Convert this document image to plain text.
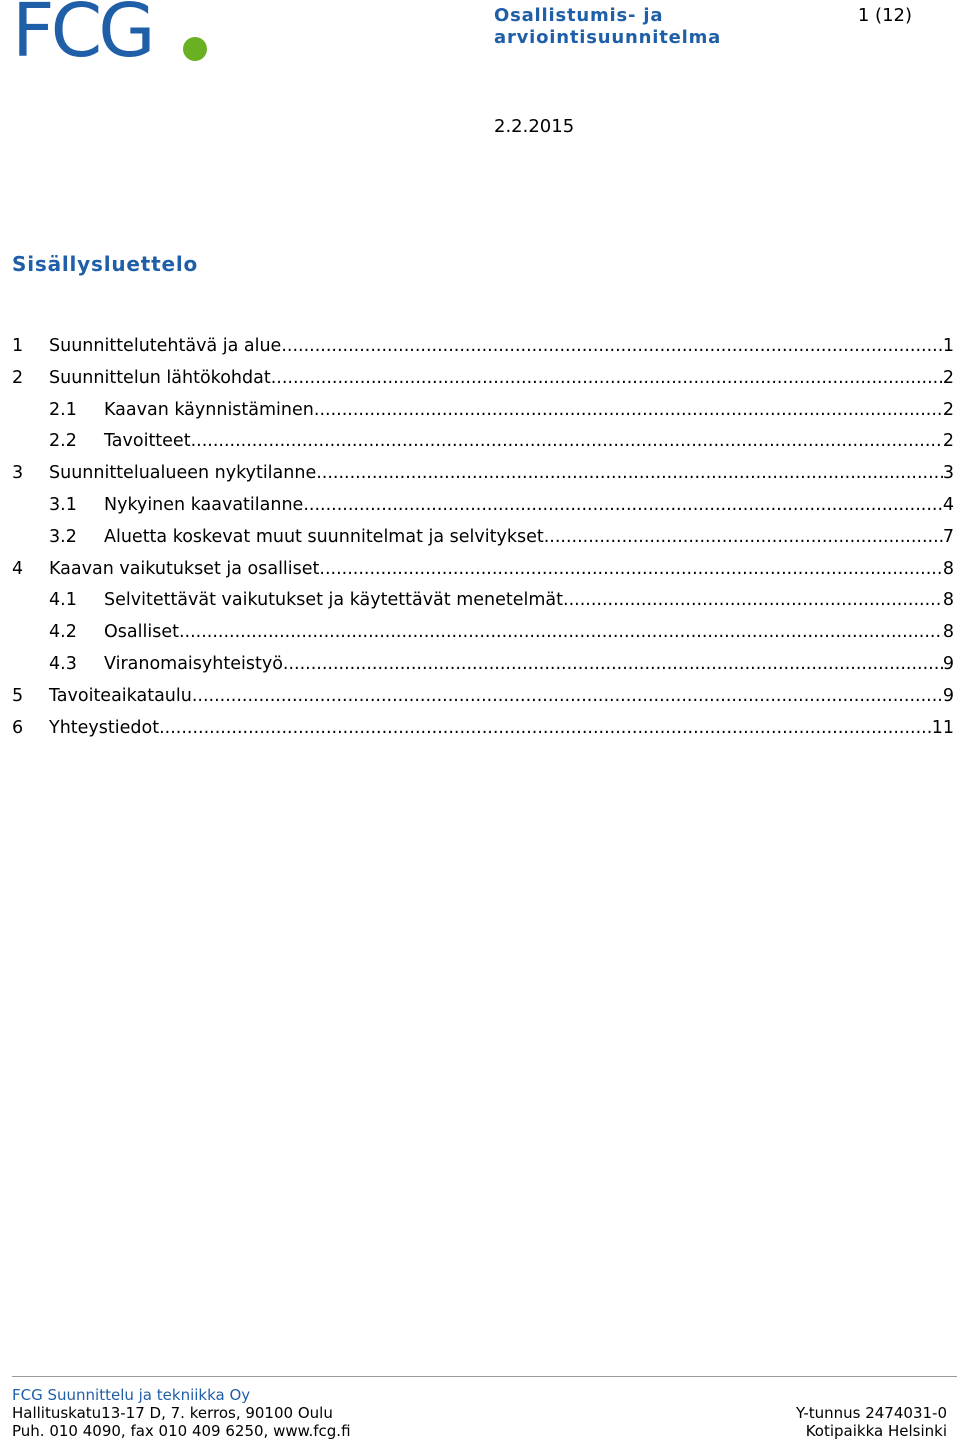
FCG	Osallistumis- ja
arviointisuunnitelma
1 (12)
2.2.2015
Sisällysluettelo
1	Suunnittelutehtävä ja alue .....	1
2	Suunnittelun lähtökohdat .....	2
2.1	Kaavan käynnistäminen .....	2
2.2	Tavoitteet .....	2
3	Suunnittelualueen nykytilanne .....	3
3.1	Nykyinen kaavatilanne .....	4
3.2	Aluetta koskevat muut suunnitelmat ja selvitykset .....	7
4	Kaavan vaikutukset ja osalliset .....	8
4.1	Selvitettävät vaikutukset ja käytettävät menetelmät .....	8
4.2	Osalliset .....	8
4.3	Viranomaisyhteistyö .....	9
5	Tavoiteaikataulu .....	9
6	Yhteystiedot .....	11
FCG Suunnittelu ja tekniikka Oy
Hallituskatu13-17 D, 7. kerros, 90100 Oulu	Y-tunnus 2474031-0
Puh. 010 4090, fax 010 409 6250, www.fcg.fi	Kotipaikka Helsinki
